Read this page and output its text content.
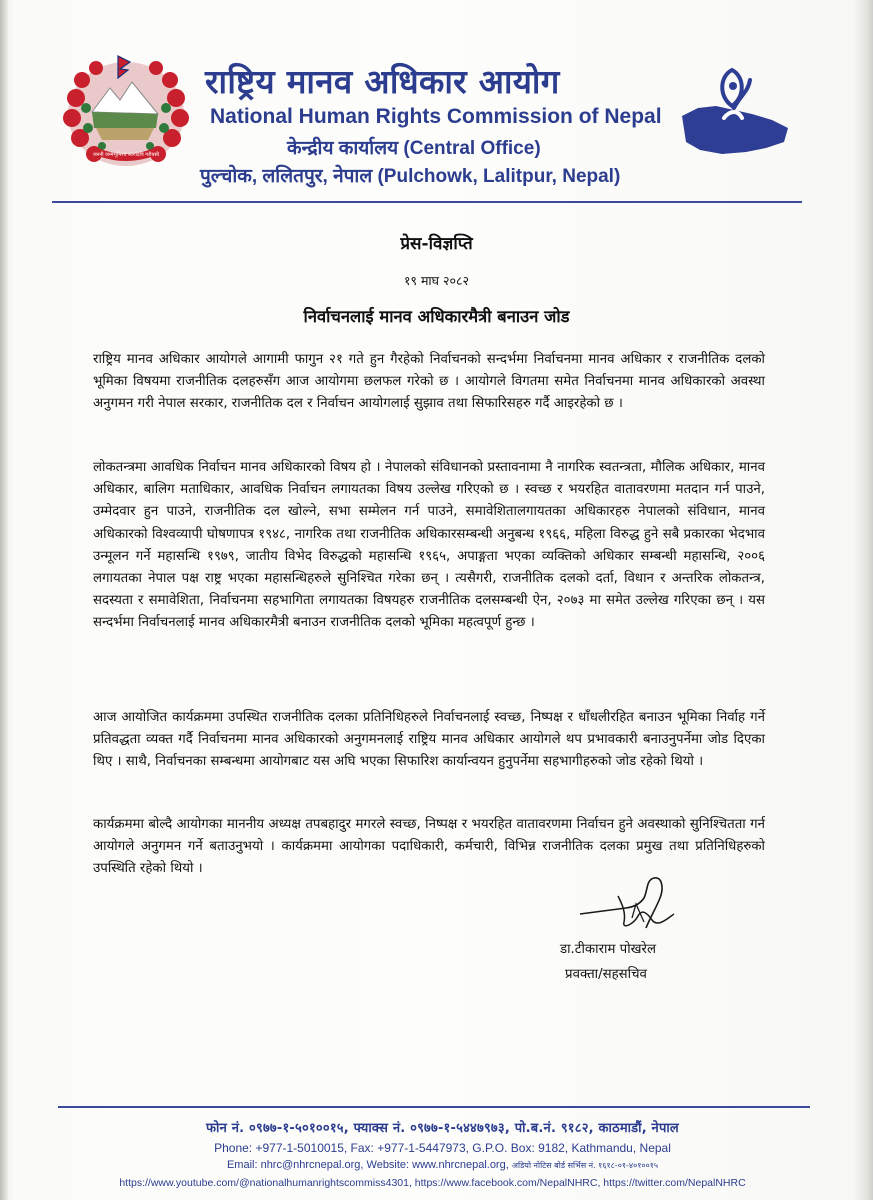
जननी जन्मभूमिश्च स्वर्गादपि गरीयसी
राष्ट्रिय मानव अधिकार आयोग
National Human Rights Commission of Nepal
केन्द्रीय कार्यालय (Central Office)
पुल्चोक, ललितपुर, नेपाल (Pulchowk, Lalitpur, Nepal)
प्रेस-विज्ञप्ति
१९ माघ २०८२
निर्वाचनलाई मानव अधिकारमैत्री बनाउन जोड
राष्ट्रिय मानव अधिकार आयोगले आगामी फागुन २१ गते हुन गैरहेको निर्वाचनको सन्दर्भमा निर्वाचनमा मानव अधिकार र राजनीतिक दलको भूमिका विषयमा राजनीतिक दलहरुसँग आज आयोगमा छलफल गरेको छ । आयोगले विगतमा समेत निर्वाचनमा मानव अधिकारको अवस्था अनुगमन गरी नेपाल सरकार, राजनीतिक दल र निर्वाचन आयोगलाई सुझाव तथा सिफारिसहरु गर्दै आइरहेको छ ।
लोकतन्त्रमा आवधिक निर्वाचन मानव अधिकारको विषय हो । नेपालको संविधानको प्रस्तावनामा नै नागरिक स्वतन्त्रता, मौलिक अधिकार, मानव अधिकार, बालिग मताधिकार, आवधिक निर्वाचन लगायतका विषय उल्लेख गरिएको छ । स्वच्छ र भयरहित वातावरणमा मतदान गर्न पाउने, उम्मेदवार हुन पाउने, राजनीतिक दल खोल्ने, सभा सम्मेलन गर्न पाउने, समावेशितालगायतका अधिकारहरु नेपालको संविधान, मानव अधिकारको विश्वव्यापी घोषणापत्र १९४८, नागरिक तथा राजनीतिक अधिकारसम्बन्धी अनुबन्ध १९६६, महिला विरुद्ध हुने सबै प्रकारका भेदभाव उन्मूलन गर्ने महासन्धि १९७९, जातीय विभेद विरुद्धको महासन्धि १९६५, अपाङ्गता भएका व्यक्तिको अधिकार सम्बन्धी महासन्धि, २००६ लगायतका नेपाल पक्ष राष्ट्र भएका महासन्धिहरुले सुनिश्चित गरेका छन् । त्यसैगरी, राजनीतिक दलको दर्ता, विधान र अन्तरिक लोकतन्त्र, सदस्यता र समावेशिता, निर्वाचनमा सहभागिता लगायतका विषयहरु राजनीतिक दलसम्बन्धी ऐन, २०७३ मा समेत उल्लेख गरिएका छन् । यस सन्दर्भमा निर्वाचनलाई मानव अधिकारमैत्री बनाउन राजनीतिक दलको भूमिका महत्वपूर्ण हुन्छ ।
आज आयोजित कार्यक्रममा उपस्थित राजनीतिक दलका प्रतिनिधिहरुले निर्वाचनलाई स्वच्छ, निष्पक्ष र धाँधलीरहित बनाउन भूमिका निर्वाह गर्ने प्रतिवद्धता व्यक्त गर्दै निर्वाचनमा मानव अधिकारको अनुगमनलाई राष्ट्रिय मानव अधिकार आयोगले थप प्रभावकारी बनाउनुपर्नेमा जोड दिएका थिए । साथै, निर्वाचनका सम्बन्धमा आयोगबाट यस अघि भएका सिफारिश कार्यान्वयन हुनुपर्नेमा सहभागीहरुको जोड रहेको थियो ।
कार्यक्रममा बोल्दै आयोगका माननीय अध्यक्ष तपबहादुर मगरले स्वच्छ, निष्पक्ष र भयरहित वातावरणमा निर्वाचन हुने अवस्थाको सुनिश्चितता गर्न आयोगले अनुगमन गर्ने बताउनुभयो । कार्यक्रममा आयोगका पदाधिकारी, कर्मचारी, विभिन्न राजनीतिक दलका प्रमुख तथा प्रतिनिधिहरुको उपस्थिति रहेको थियो ।
डा.टीकाराम पोखरेल
प्रवक्ता/सहसचिव
फोन नं. ०९७७-१-५०१००१५, फ्याक्स नं. ०९७७-१-५४४७९७३, पो.ब.नं. ९१८२, काठमाडौं, नेपाल
Phone: +977-1-5010015, Fax: +977-1-5447973, G.P.O. Box: 9182, Kathmandu, Nepal
Email: nhrc@nhrcnepal.org, Website: www.nhrcnepal.org, अडियो नोटिस बोर्ड सर्भिस नं. १६१८-०१-४०१००१५
https://www.youtube.com/@nationalhumanrightscommiss4301, https://www.facebook.com/NepalNHRC, https://twitter.com/NepalNHRC
